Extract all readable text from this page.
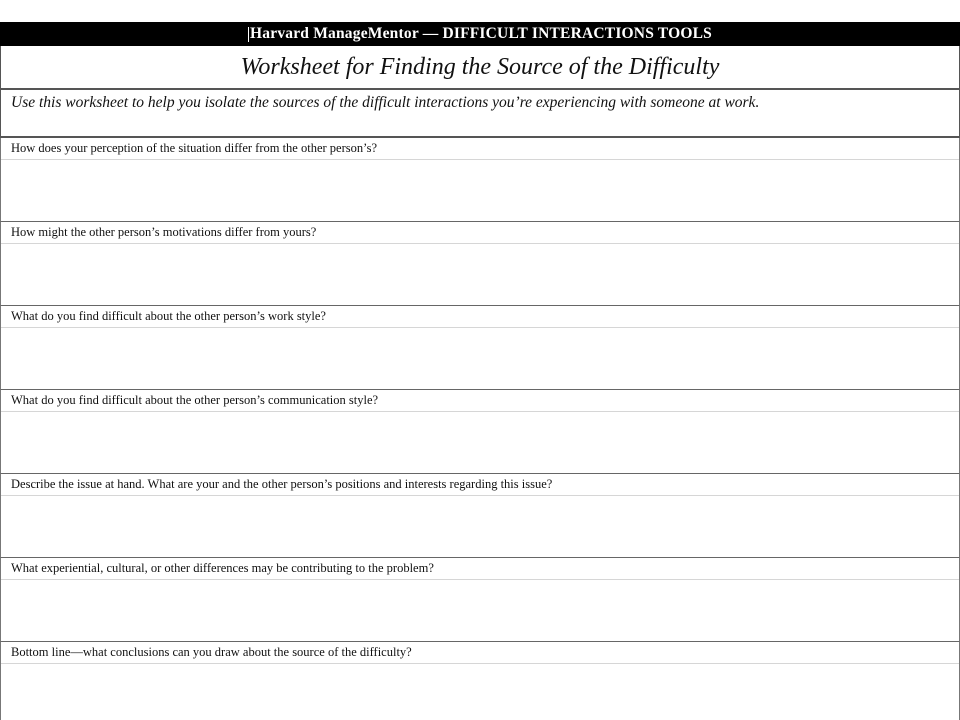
Harvard ManageMentor — DIFFICULT INTERACTIONS TOOLS
Worksheet for Finding the Source of the Difficulty
Use this worksheet to help you isolate the sources of the difficult interactions you’re experiencing with someone at work.
How does your perception of the situation differ from the other person’s?
How might the other person’s motivations differ from yours?
What do you find difficult about the other person’s work style?
What do you find difficult about the other person’s communication style?
Describe the issue at hand. What are your and the other person’s positions and interests regarding this issue?
What experiential, cultural, or other differences may be contributing to the problem?
Bottom line—what conclusions can you draw about the source of the difficulty?
